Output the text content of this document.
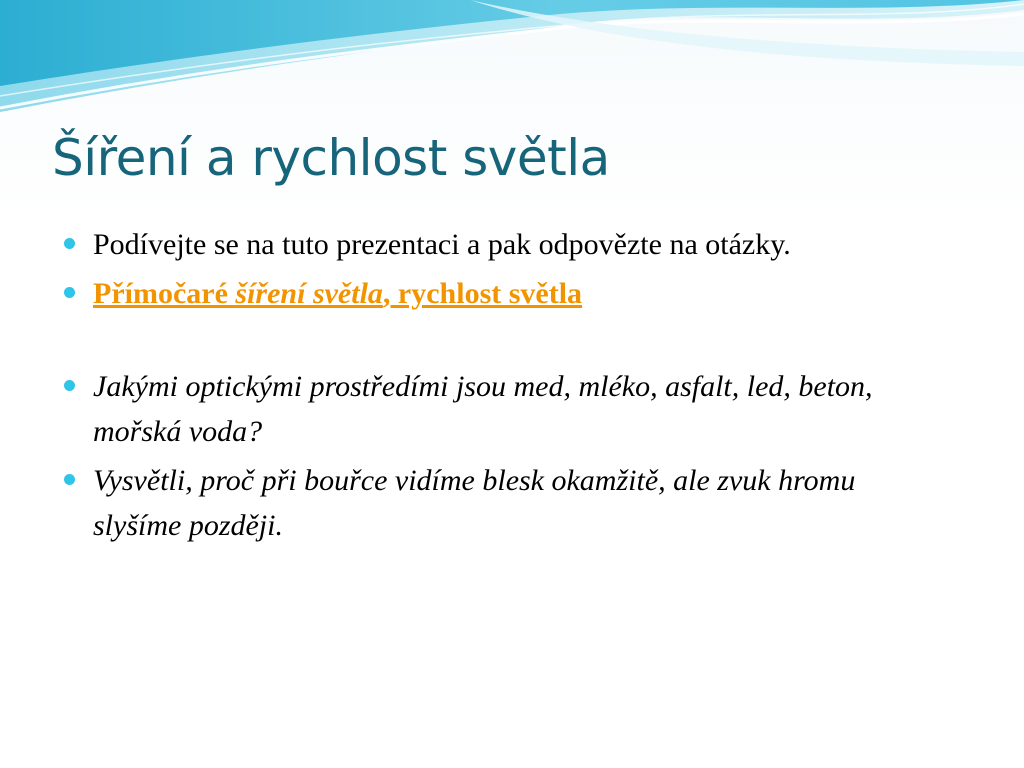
Šíření a rychlost světla
Podívejte se na tuto prezentaci a pak odpovězte na otázky.
Přímočaré šíření světla, rychlost světla
Jakými optickými prostředími jsou med, mléko, asfalt, led, beton, mořská voda?
Vysvětli, proč při bouřce vidíme blesk okamžitě, ale zvuk hromu slyšíme později.
